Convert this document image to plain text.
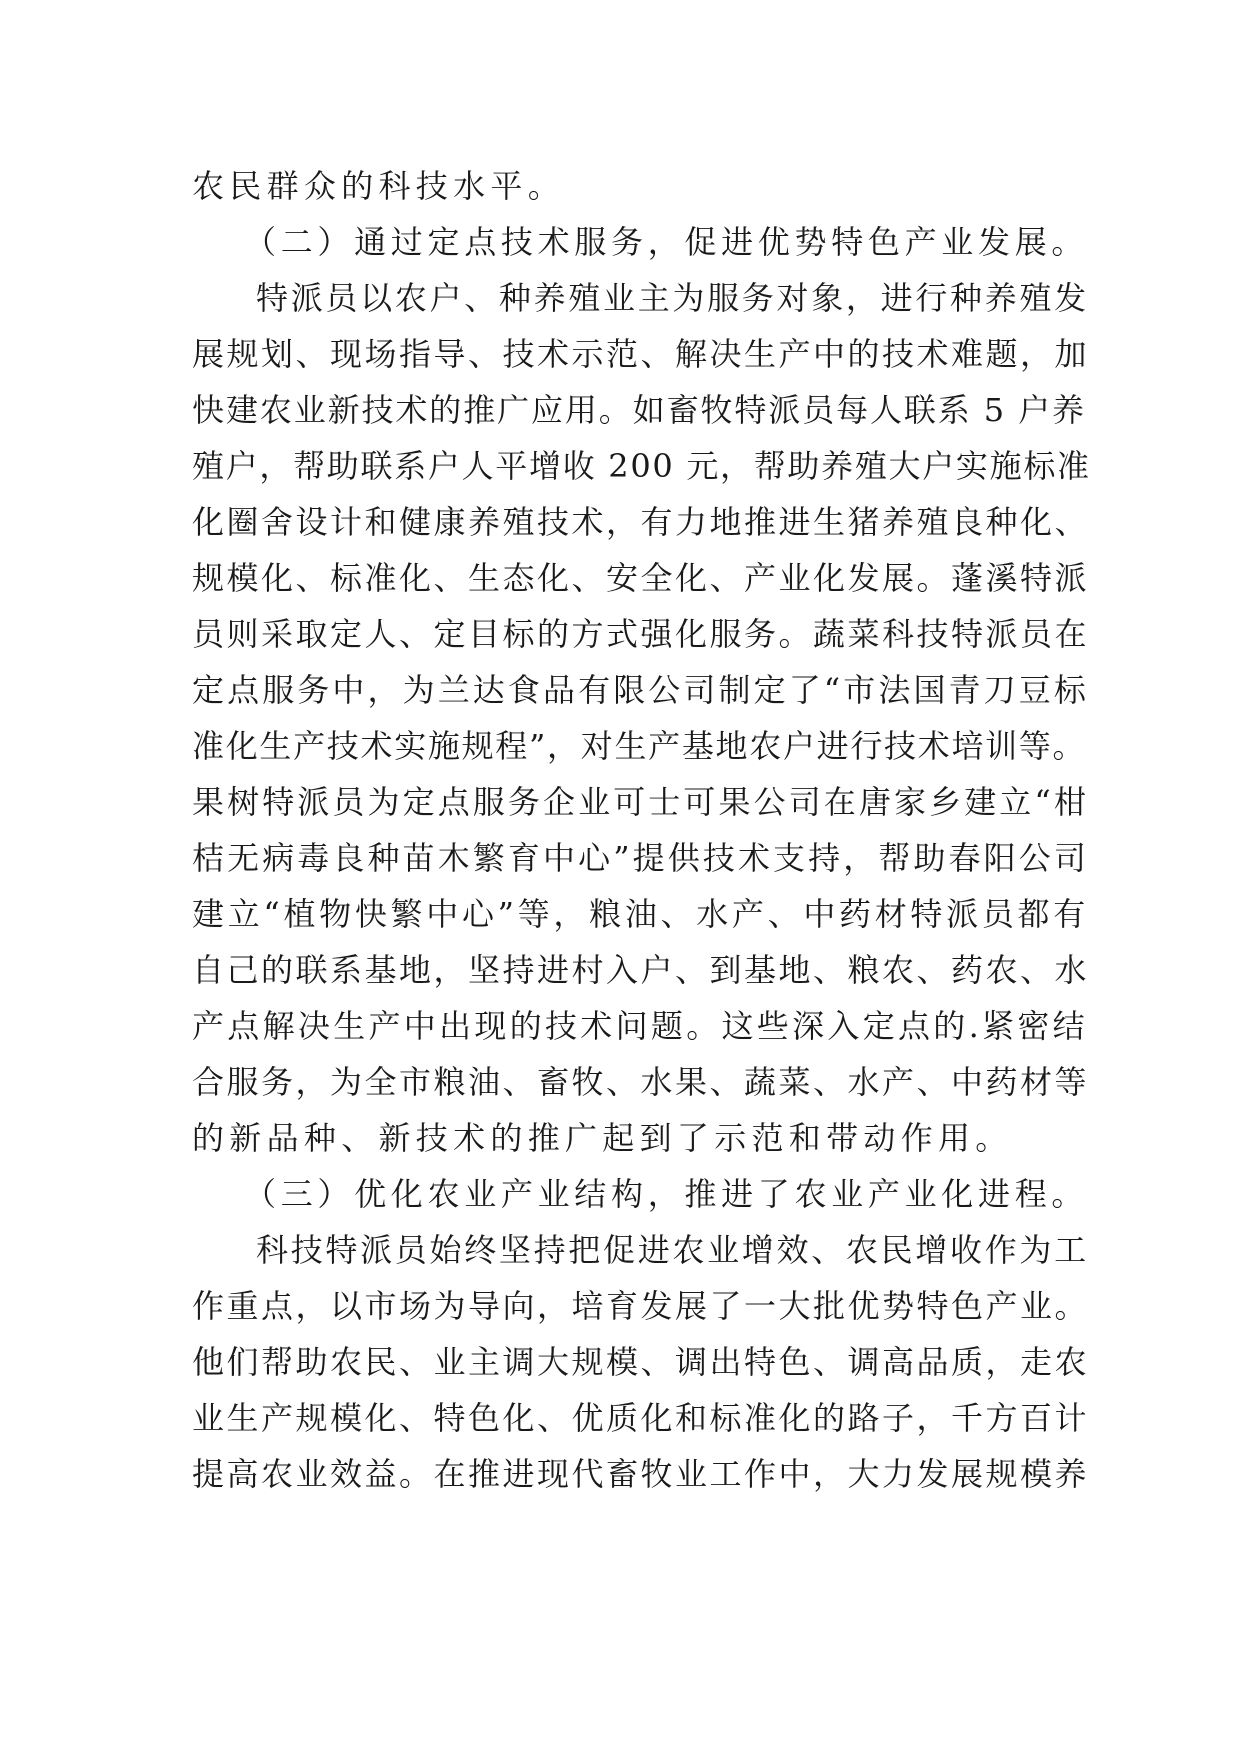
农民群众的科技水平。
（二）通过定点技术服务，促进优势特色产业发展。
特派员以农户、种养殖业主为服务对象，进行种养殖发
展规划、现场指导、技术示范、解决生产中的技术难题，加
快建农业新技术的推广应用。如畜牧特派员每人联系 5 户养
殖户，帮助联系户人平增收 200 元，帮助养殖大户实施标准
化圈舍设计和健康养殖技术，有力地推进生猪养殖良种化、
规模化、标准化、生态化、安全化、产业化发展。蓬溪特派
员则采取定人、定目标的方式强化服务。蔬菜科技特派员在
定点服务中，为兰达食品有限公司制定了“市法国青刀豆标
准化生产技术实施规程”，对生产基地农户进行技术培训等。
果树特派员为定点服务企业可士可果公司在唐家乡建立“柑
桔无病毒良种苗木繁育中心”提供技术支持，帮助春阳公司
建立“植物快繁中心”等，粮油、水产、中药材特派员都有
自己的联系基地，坚持进村入户、到基地、粮农、药农、水
产点解决生产中出现的技术问题。这些深入定点的.紧密结
合服务，为全市粮油、畜牧、水果、蔬菜、水产、中药材等
的新品种、新技术的推广起到了示范和带动作用。
（三）优化农业产业结构，推进了农业产业化进程。
科技特派员始终坚持把促进农业增效、农民增收作为工
作重点，以市场为导向，培育发展了一大批优势特色产业。
他们帮助农民、业主调大规模、调出特色、调高品质，走农
业生产规模化、特色化、优质化和标准化的路子，千方百计
提高农业效益。在推进现代畜牧业工作中，大力发展规模养
